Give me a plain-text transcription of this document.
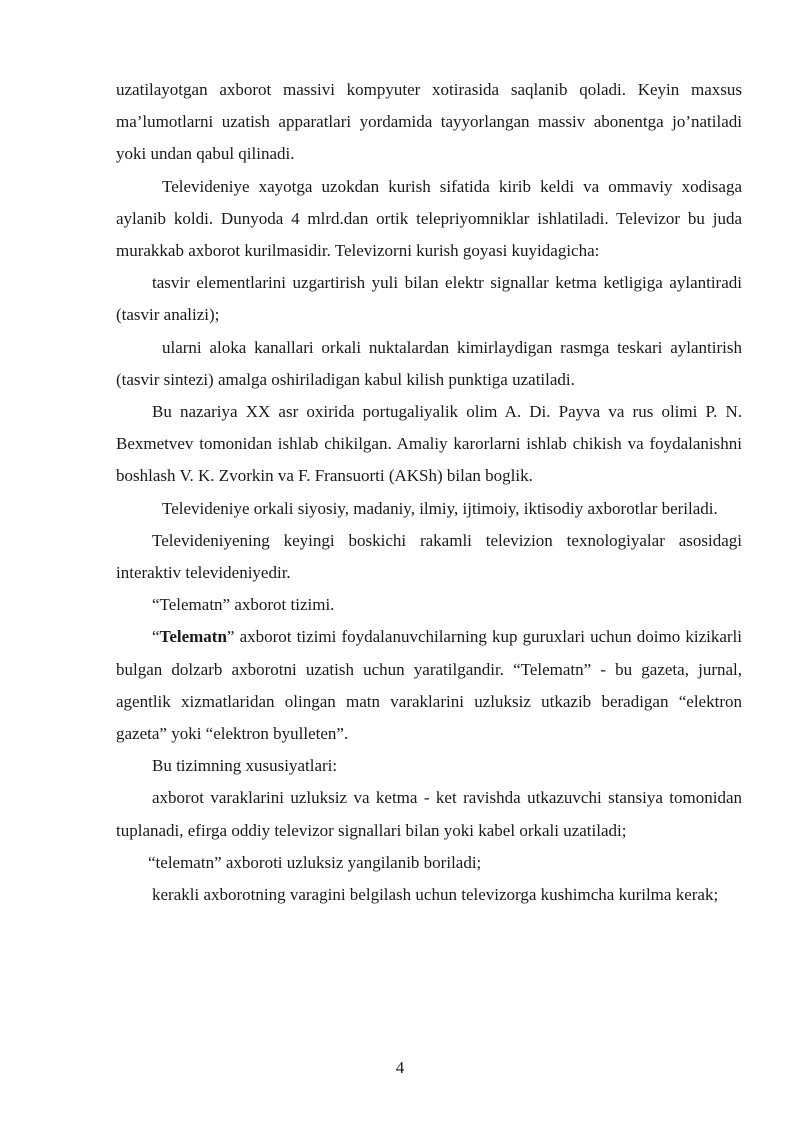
uzatilayotgan axborot massivi kompyuter xotirasida saqlanib qoladi. Keyin maxsus ma’lumotlarni uzatish apparatlari yordamida tayyorlangan massiv abonentga jo’natiladi yoki undan qabul qilinadi.

Televideniye xayotga uzokdan kurish sifatida kirib keldi va ommaviy xodisaga aylanib koldi. Dunyoda 4 mlrd.dan ortik telepriyomniklar ishlatiladi. Televizor bu juda murakkab axborot kurilmasidir. Televizorni kurish goyasi kuyidagicha:

tasvir elementlarini uzgartirish yuli bilan elektr signallar ketma ketligiga aylantiradi (tasvir analizi);

ularni aloka kanallari orkali nuktalardan kimirlaydigan rasmga teskari aylantirish (tasvir sintezi) amalga oshiriladigan kabul kilish punktiga uzatiladi.

Bu nazariya XX asr oxirida portugaliyalik olim A. Di. Payva va rus olimi P. N. Bexmetvev tomonidan ishlab chikilgan. Amaliy karorlarni ishlab chikish va foydalanishni boshlash V. K. Zvorkin va F. Fransuorti (AKSh) bilan boglik.

Televideniye orkali siyosiy, madaniy, ilmiy, ijtimoiy, iktisodiy axborotlar beriladi.

Televideniyening keyingi boskichi rakamli televizion texnologiyalar asosidagi interaktiv televideniyedir.

“Telematn” axborot tizimi.

“Telematn” axborot tizimi foydalanuvchilarning kup guruxlari uchun doimo kizikarli bulgan dolzarb axborotni uzatish uchun yaratilgandir. “Telematn” - bu gazeta, jurnal, agentlik xizmatlaridan olingan matn varaklarini uzluksiz utkazib beradigan “elektron gazeta” yoki “elektron byulleten”.

Bu tizimning xususiyatlari:

axborot varaklarini uzluksiz va ketma - ket ravishda utkazuvchi stansiya tomonidan tuplanadi, efirga oddiy televizor signallari bilan yoki kabel orkali uzatiladi;

“telematn” axboroti uzluksiz yangilanib boriladi;

kerakli axborotning varagini belgilash uchun televizorga kushimcha kurilma kerak;

4
